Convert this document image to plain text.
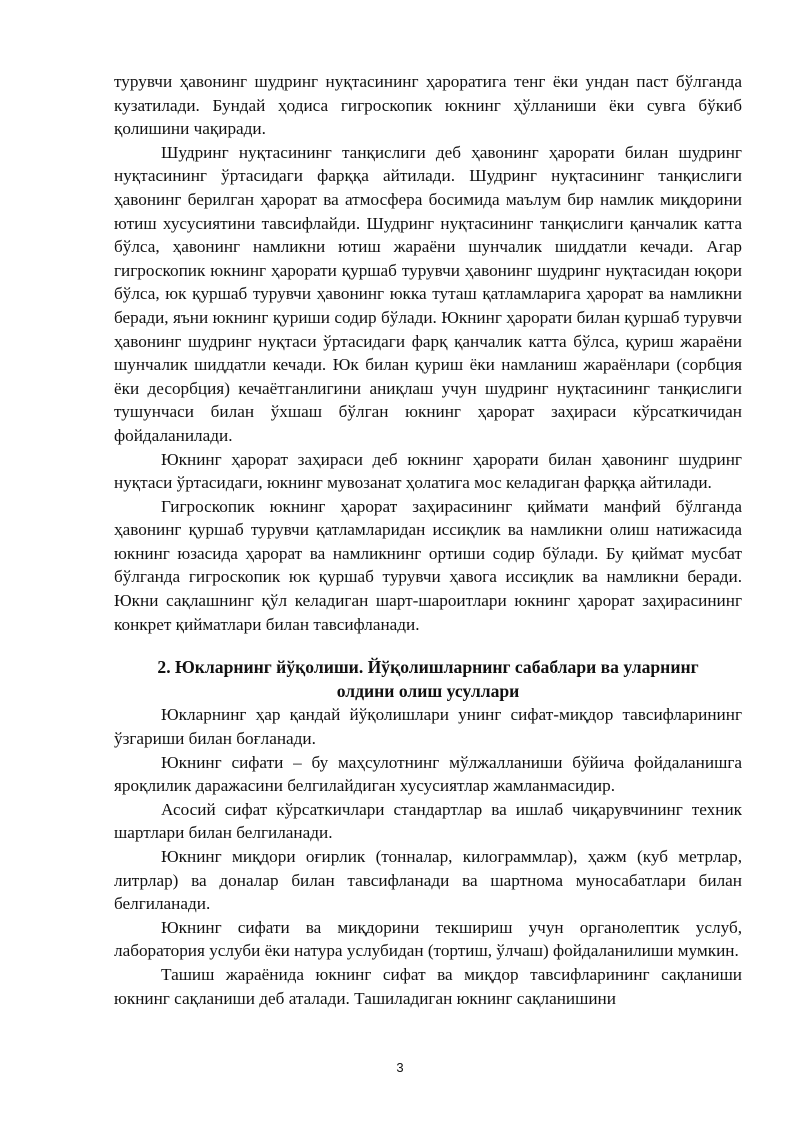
турувчи ҳавонинг шудринг нуқтасининг ҳароратига тенг ёки ундан паст бўлганда кузатилади. Бундай ҳодиса гигроскопик юкнинг ҳўлланиши ёки сувга бўкиб қолишини чақиради.

Шудринг нуқтасининг танқислиги деб ҳавонинг ҳарорати билан шудринг нуқтасининг ўртасидаги фарққа айтилади. Шудринг нуқтасининг танқислиги ҳавонинг берилган ҳарорат ва атмосфера босимида маълум бир намлик миқдорини ютиш хусусиятини тавсифлайди. Шудринг нуқтасининг танқислиги қанчалик катта бўлса, ҳавонинг намликни ютиш жараёни шунчалик шиддатли кечади. Агар гигроскопик юкнинг ҳарорати қуршаб турувчи ҳавонинг шудринг нуқтасидан юқори бўлса, юк қуршаб турувчи ҳавонинг юкка туташ қатламларига ҳарорат ва намликни беради, яъни юкнинг қуриши содир бўлади. Юкнинг ҳарорати билан қуршаб турувчи ҳавонинг шудринг нуқтаси ўртасидаги фарқ қанчалик катта бўлса, қуриш жараёни шунчалик шиддатли кечади. Юк билан қуриш ёки намланиш жараёнлари (сорбция ёки десорбция) кечаётганлигини аниқлаш учун шудринг нуқтасининг танқислиги тушунчаси билан ўхшаш бўлган юкнинг ҳарорат заҳираси кўрсаткичидан фойдаланилади.

Юкнинг ҳарорат заҳираси деб юкнинг ҳарорати билан ҳавонинг шудринг нуқтаси ўртасидаги, юкнинг мувозанат ҳолатига мос келадиган фарққа айтилади.

Гигроскопик юкнинг ҳарорат заҳирасининг қиймати манфий бўлганда ҳавонинг қуршаб турувчи қатламларидан иссиқлик ва намликни олиш натижасида юкнинг юзасида ҳарорат ва намликнинг ортиши содир бўлади. Бу қиймат мусбат бўлганда гигроскопик юк қуршаб турувчи ҳавога иссиқлик ва намликни беради. Юкни сақлашнинг қўл келадиган шарт-шароитлари юкнинг ҳарорат заҳирасининг конкрет қийматлари билан тавсифланади.

2. Юкларнинг йўқолиши. Йўқолишларнинг сабаблари ва уларнинг
олдини олиш усуллари

Юкларнинг ҳар қандай йўқолишлари унинг сифат-миқдор тавсифларининг ўзгариши билан боғланади.

Юкнинг сифати – бу маҳсулотнинг мўлжалланиши бўйича фойдаланишга яроқлилик даражасини белгилайдиган хусусиятлар жамланмасидир.

Асосий сифат кўрсаткичлари стандартлар ва ишлаб чиқарувчининг техник шартлари билан белгиланади.

Юкнинг миқдори оғирлик (тонналар, килограммлар), ҳажм (куб метрлар, литрлар) ва доналар билан тавсифланади ва шартнома муносабатлари билан белгиланади.

Юкнинг сифати ва миқдорини текшириш учун органолептик услуб, лаборатория услуби ёки натура услубидан (тортиш, ўлчаш) фойдаланилиши мумкин.

Ташиш жараёнида юкнинг сифат ва миқдор тавсифларининг сақланиши юкнинг сақланиши деб аталади. Ташиладиган юкнинг сақланишини

3
